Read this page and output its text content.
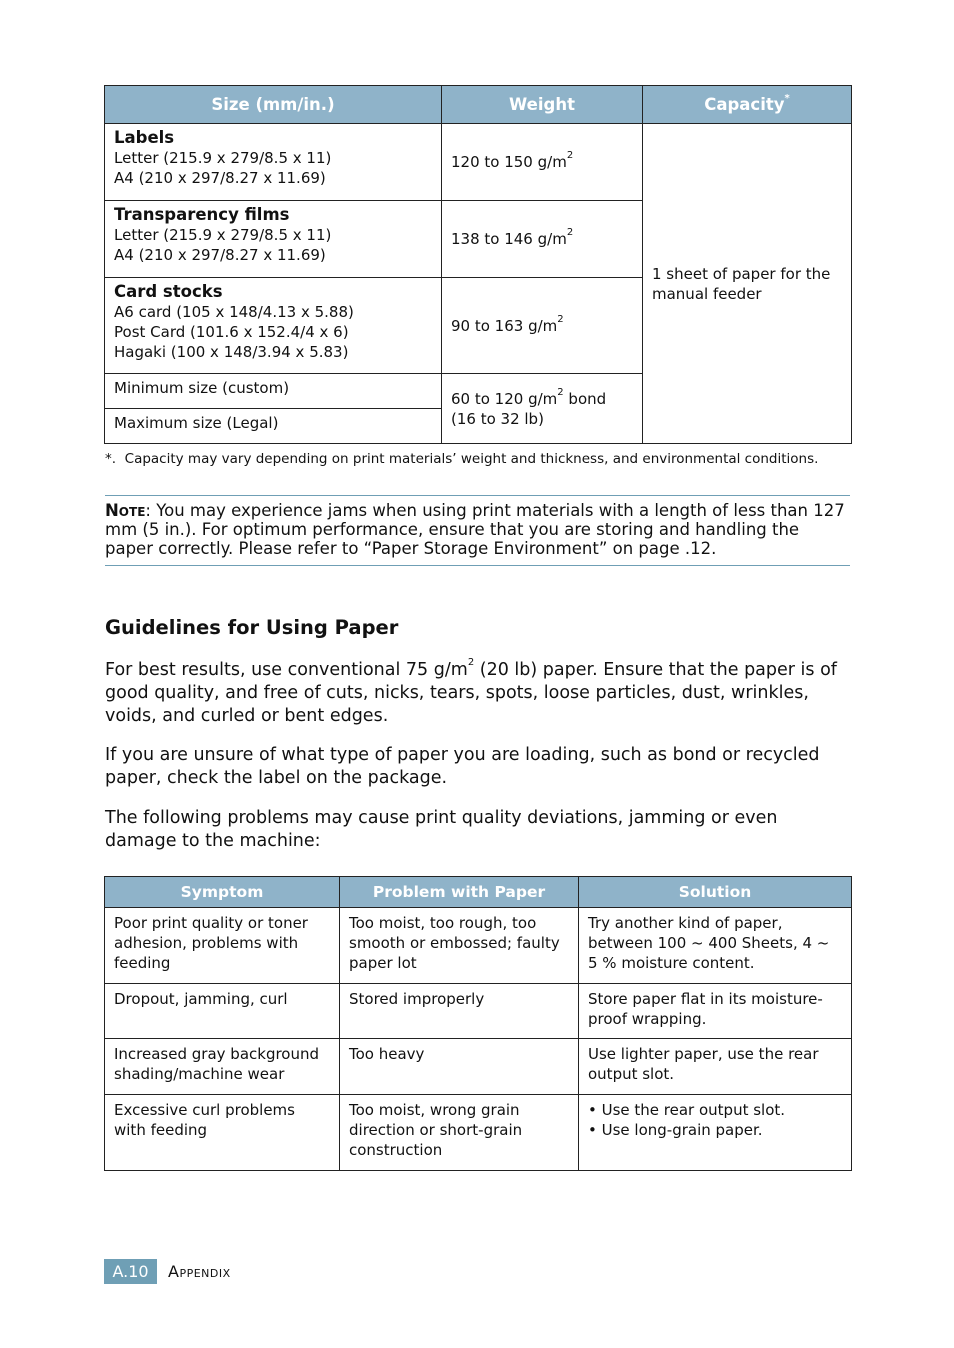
Size (mm/in.)	Weight	Capacity*

Labels
Letter (215.9 x 279/8.5 x 11)
A4 (210 x 297/8.27 x 11.69)	120 to 150 $g/m^2$	1 sheet of paper for the manual feeder

Transparency films
Letter (215.9 x 279/8.5 x 11)
A4 (210 x 297/8.27 x 11.69)	138 to 146 $g/m^2$

Card stocks
A6 card (105 x 148/4.13 x 5.88)
Post Card (101.6 x 152.4/4 x 6)
Hagaki (100 x 148/3.94 x 5.83)	90 to 163 $g/m^2$
Minimum size (custom)	60 to 120 $g/m^2$ bond
(16 to 32 lb)	

Maximum size (Legal)		
*. Capacity may vary depending on print materials’ weight and thickness, and environmental conditions.
Note: You may experience jams when using print materials with a length of less than 127 mm (5 in.). For optimum performance, ensure that you are storing and handling the paper correctly. Please refer to “Paper Storage Environment” on page .12.
Guidelines for Using Paper
For best results, use conventional 75 $g/m^2$ (20 lb) paper. Ensure that the paper is of good quality, and free of cuts, nicks, tears, spots, loose particles, dust, wrinkles, voids, and curled or bent edges.
If you are unsure of what type of paper you are loading, such as bond or recycled paper, check the label on the package.
The following problems may cause print quality deviations, jamming or even damage to the machine:
Symptom	Problem with Paper	Solution
Poor print quality or toner adhesion, problems with feeding	Too moist, too rough, too smooth or embossed; faulty paper lot	Try another kind of paper, between 100 ~ 400 Sheets, 4 ~ 5 % moisture content.
Dropout, jamming, curl	Stored improperly	Store paper flat in its moisture-proof wrapping.
Increased gray background shading/machine wear	Too heavy	Use lighter paper, use the rear output slot.
Excessive curl problems with feeding	Too moist, wrong grain direction or short-grain construction	• Use the rear output slot.
• Use long-grain paper.
A.10	Appendix
